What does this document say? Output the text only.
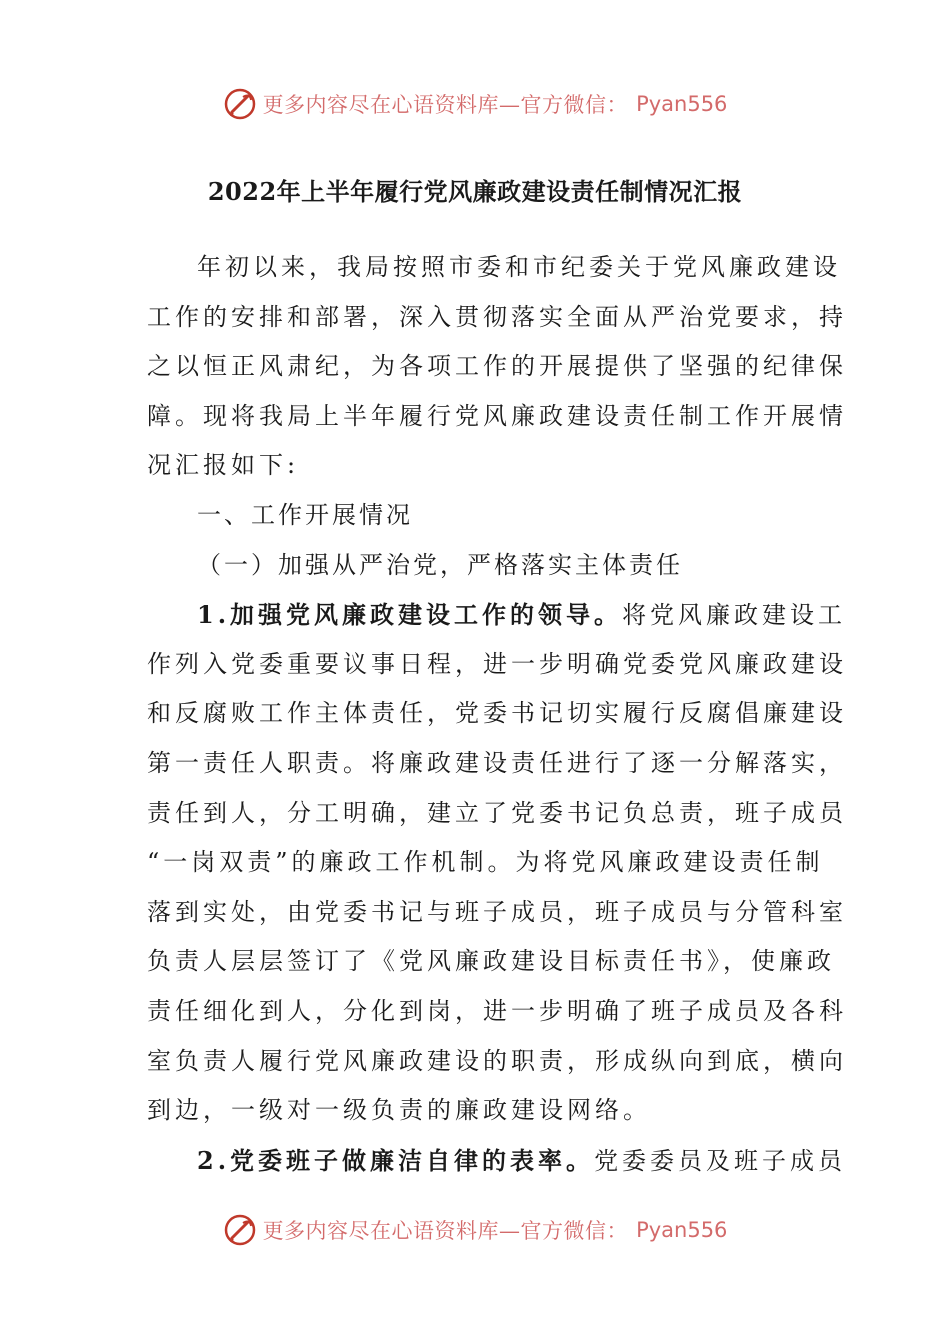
更多内容尽在心语资料库—官方微信： Pyan556
2022年上半年履行党风廉政建设责任制情况汇报
年初以来，我局按照市委和市纪委关于党风廉政建设
工作的安排和部署，深入贯彻落实全面从严治党要求，持
之以恒正风肃纪，为各项工作的开展提供了坚强的纪律保
障。现将我局上半年履行党风廉政建设责任制工作开展情
况汇报如下:
一、工作开展情况
（一）加强从严治党，严格落实主体责任
1.加强党风廉政建设工作的领导。将党风廉政建设工
作列入党委重要议事日程，进一步明确党委党风廉政建设
和反腐败工作主体责任，党委书记切实履行反腐倡廉建设
第一责任人职责。将廉政建设责任进行了逐一分解落实，
责任到人，分工明确，建立了党委书记负总责，班子成员
“一岗双责”的廉政工作机制。为将党风廉政建设责任制
落到实处，由党委书记与班子成员，班子成员与分管科室
负责人层层签订了《党风廉政建设目标责任书》，使廉政
责任细化到人，分化到岗，进一步明确了班子成员及各科
室负责人履行党风廉政建设的职责，形成纵向到底，横向
到边，一级对一级负责的廉政建设网络。
2.党委班子做廉洁自律的表率。党委委员及班子成员
更多内容尽在心语资料库—官方微信： Pyan556
